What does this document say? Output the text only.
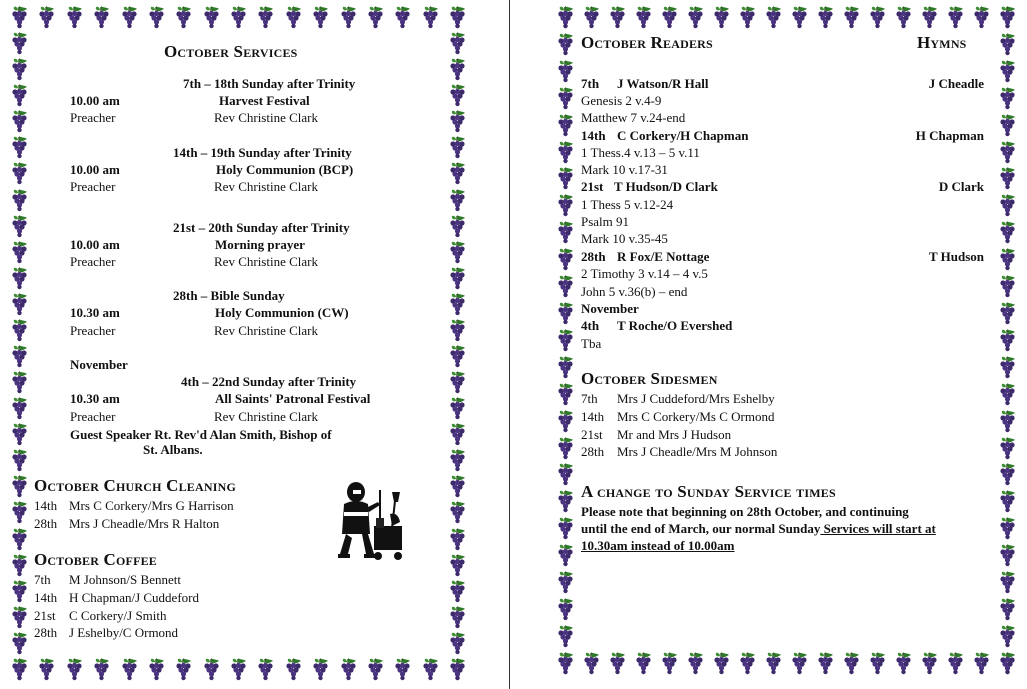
October Services
7th – 18th Sunday after Trinity
10.00 am	Harvest Festival
Preacher	Rev Christine Clark
14th – 19th Sunday after Trinity
10.00 am	Holy Communion (BCP)
Preacher	Rev Christine Clark
21st – 20th Sunday after Trinity
10.00 am	Morning prayer
Preacher	Rev Christine Clark
28th – Bible Sunday
10.30 am	Holy Communion (CW)
Preacher	Rev Christine Clark
November
4th – 22nd Sunday after Trinity
10.30 am	All Saints' Patronal Festival
Preacher	Rev Christine Clark
Guest Speaker Rt. Rev'd Alan Smith, Bishop of
St. Albans.
October Church Cleaning
14th Mrs C Corkery/Mrs G Harrison
28th Mrs J Cheadle/Mrs R Halton
October Coffee
7th M Johnson/S Bennett
14th H Chapman/J Cuddeford
21st C Corkery/J Smith
28th J Eshelby/C Ormond
October Readers	Hymns
7th J Watson/R Hall	J Cheadle
Genesis 2 v.4-9
Matthew 7 v.24-end
14th C Corkery/H Chapman	H Chapman
1 Thess.4 v.13 – 5 v.11
Mark 10 v.17-31
21st T Hudson/D Clark	D Clark
1 Thess 5 v.12-24
Psalm 91
Mark 10 v.35-45
28th R Fox/E Nottage	T Hudson
2 Timothy 3 v.14 – 4 v.5
John 5 v.36(b) – end
November
4th T Roche/O Evershed
Tba
October Sidesmen
7th Mrs J Cuddeford/Mrs Eshelby
14th Mrs C Corkery/Ms C Ormond
21st Mr and Mrs J Hudson
28th Mrs J Cheadle/Mrs M Johnson
A change to Sunday Service times
Please note that beginning on 28th October, and continuing
until the end of March, our normal Sunday Services will start at
10.30am instead of 10.00am
